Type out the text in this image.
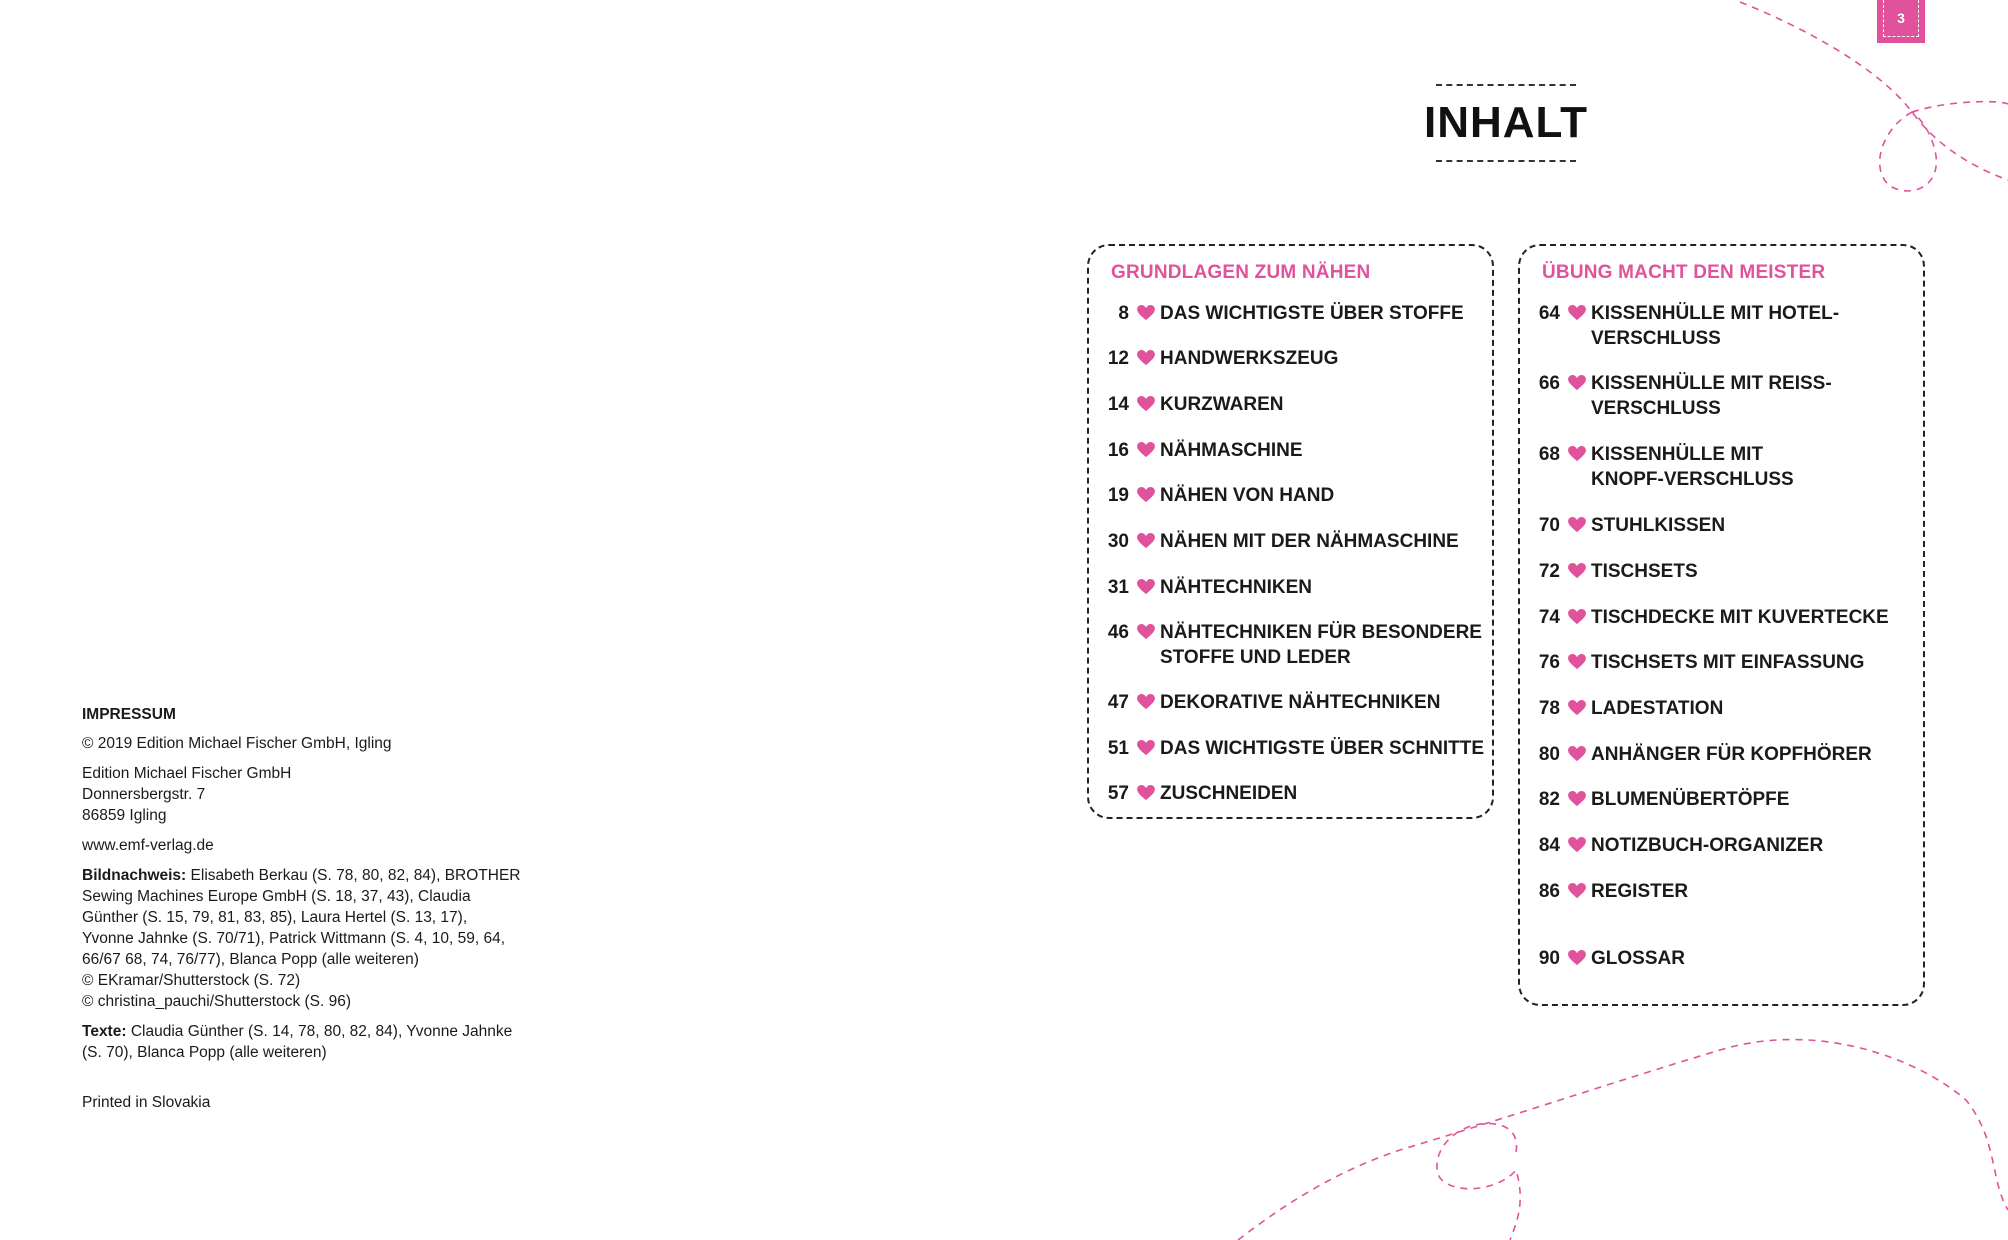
3
INHALT
GRUNDLAGEN ZUM NÄHEN
8 DAS WICHTIGSTE ÜBER STOFFE
12 HANDWERKSZEUG
14 KURZWAREN
16 NÄHMASCHINE
19 NÄHEN VON HAND
30 NÄHEN MIT DER NÄHMASCHINE
31 NÄHTECHNIKEN
46 NÄHTECHNIKEN FÜR BESONDERE STOFFE UND LEDER
47 DEKORATIVE NÄHTECHNIKEN
51 DAS WICHTIGSTE ÜBER SCHNITTE
57 ZUSCHNEIDEN
ÜBUNG MACHT DEN MEISTER
64 KISSENHÜLLE MIT HOTEL-VERSCHLUSS
66 KISSENHÜLLE MIT REISS-VERSCHLUSS
68 KISSENHÜLLE MIT KNOPF-VERSCHLUSS
70 STUHLKISSEN
72 TISCHSETS
74 TISCHDECKE MIT KUVERTECKE
76 TISCHSETS MIT EINFASSUNG
78 LADESTATION
80 ANHÄNGER FÜR KOPFHÖRER
82 BLUMENÜBERTÖPFE
84 NOTIZBUCH-ORGANIZER
86 REGISTER
90 GLOSSAR

IMPRESSUM

© 2019 Edition Michael Fischer GmbH, Igling

Edition Michael Fischer GmbH
Donnersbergstr. 7
86859 Igling

www.emf-verlag.de

Bildnachweis: Elisabeth Berkau (S. 78, 80, 82, 84), BROTHER Sewing Machines Europe GmbH (S. 18, 37, 43), Claudia Günther (S. 15, 79, 81, 83, 85), Laura Hertel (S. 13, 17), Yvonne Jahnke (S. 70/71), Patrick Wittmann (S. 4, 10, 59, 64, 66/67 68, 74, 76/77), Blanca Popp (alle weiteren)
© EKramar/Shutterstock (S. 72)
© christina_pauchi/Shutterstock (S. 96)

Texte: Claudia Günther (S. 14, 78, 80, 82, 84), Yvonne Jahnke (S. 70), Blanca Popp (alle weiteren)

Printed in Slovakia
